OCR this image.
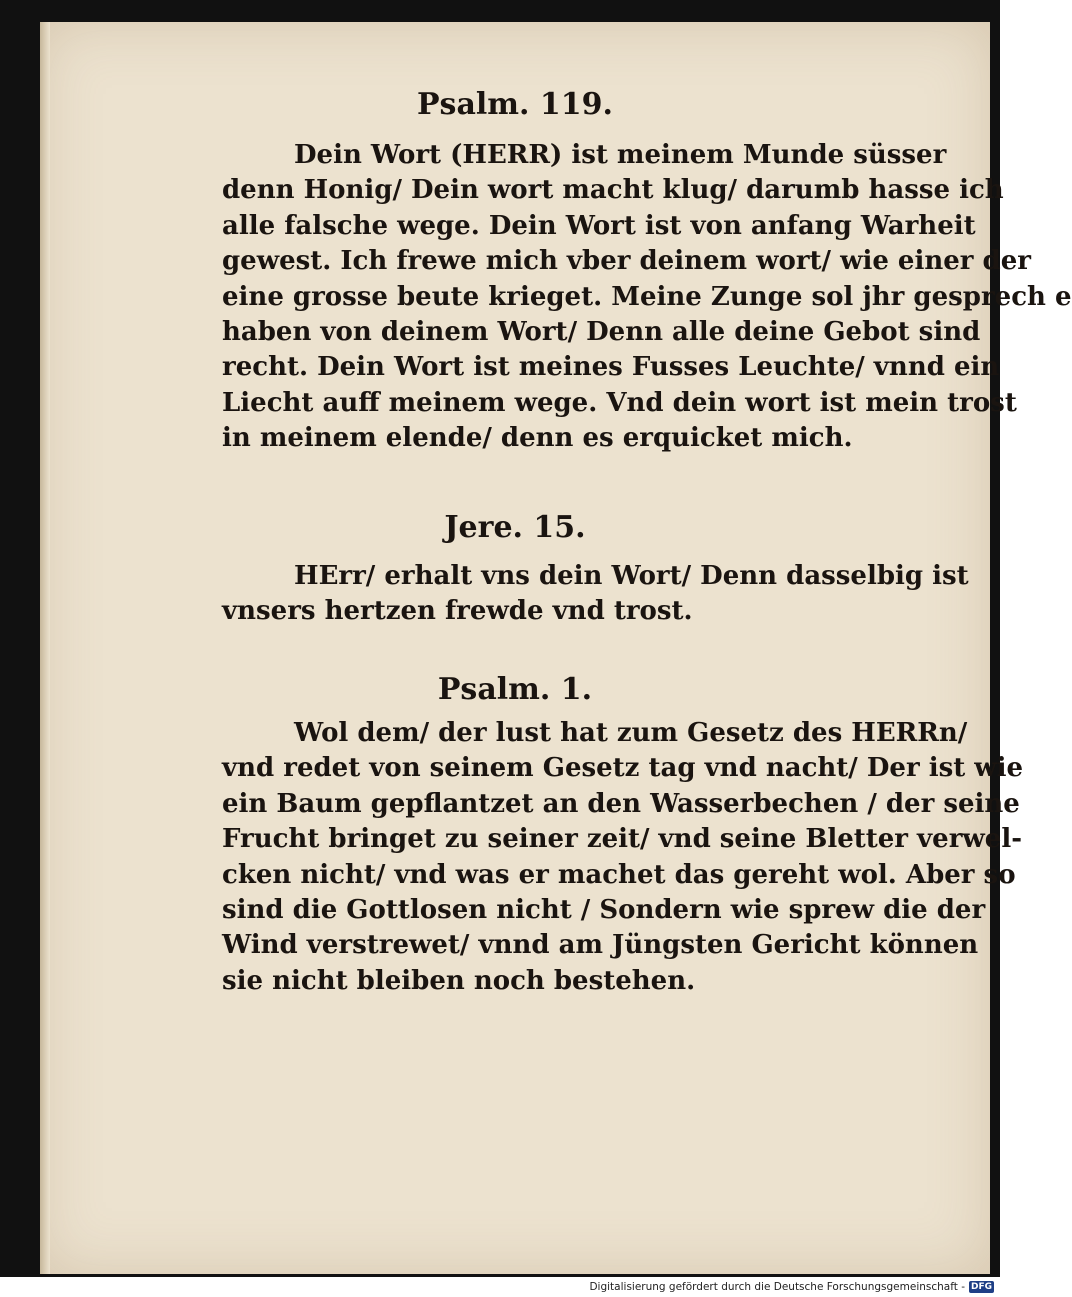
Psalm. 119.
Dein Wort (HERR) ist meinem Munde süsser
denn Honig/ Dein wort macht klug/ darumb hasse ich
alle falsche wege. Dein Wort ist von anfang Warheit
gewest. Ich frewe mich vber deinem wort/ wie einer der
eine grosse beute krieget. Meine Zunge sol jhr gesprech e
haben von deinem Wort/ Denn alle deine Gebot sind
recht. Dein Wort ist meines Fusses Leuchte/ vnnd ein
Liecht auff meinem wege. Vnd dein wort ist mein trost
in meinem elende/ denn es erquicket mich.
Jere. 15.
HErr/ erhalt vns dein Wort/ Denn dasselbig ist
vnsers hertzen frewde vnd trost.
Psalm. 1.
Wol dem/ der lust hat zum Gesetz des HERRn/
vnd redet von seinem Gesetz tag vnd nacht/ Der ist wie
ein Baum gepflantzet an den Wasserbechen / der seine
Frucht bringet zu seiner zeit/ vnd seine Bletter verwel-
cken nicht/ vnd was er machet das gereht wol. Aber so
sind die Gottlosen nicht / Sondern wie sprew die der
Wind verstrewet/ vnnd am Jüngsten Gericht können
sie nicht bleiben noch bestehen.
Digitalisierung gefördert durch die Deutsche Forschungsgemeinschaft - DFG
